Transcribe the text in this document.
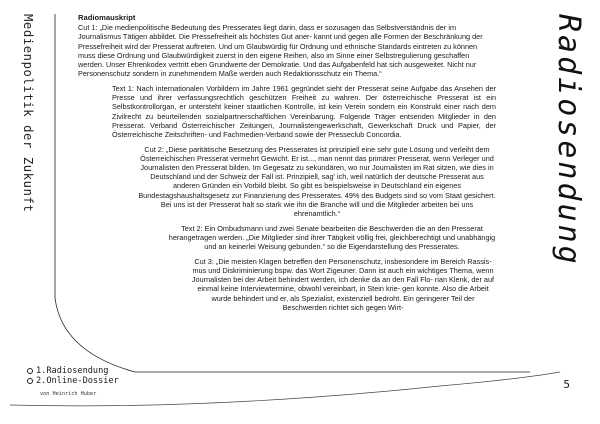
Medienpolitik der Zukunft	Radiosendung
Radiomauskript

Cut 1: „Die medienpolitische Bedeutung des Presserates liegt darin, dass er sozusagen das Selbstverständnis der im Journalismus Tätigen abbildet. Die Pressefreiheit als höchstes Gut aner- kannt und gegen alle Formen der Beschränkung der Pressefreiheit wird der Presserat auftreten. Und um Glaubwürdig für Ordnung und ethnische Standards eintreten zu können muss diese Ordnung und Glaubwürdigkeit zuerst in den eigene Reihen, also im Sinne einer Selbstregulierung geschaffen werden. Unser Ehrenkodex vertritt eben Grundwerte der Demokratie. Und das Aufgabenfeld hat sich ausgeweitet. Nicht nur Personenschutz sondern in zunehmendem Maße werden auch Redaktionsschutz ein Thema.“

Text 1: Nach internationalen Vorbildern im Jahre 1961 gegründet sieht der Presserat seine Aufgabe das Ansehen der Presse und ihrer verfassungsrechtlich geschützen Freiheit zu wahren. Der österreichische Presserat ist ein Selbstkontrollorgan, er untersteht keiner staatlichen Kontrolle, ist kein Verein sondern ein Konstrukt einer nach dem Zivilrecht zu beurteilenden sozialpartnerschaftlichen Vereinbarung. Folgende Träger entsenden Mitglieder in den Presserat. Verband Österreichischer Zeitungen, Journalistengewerkschaft, Gewerkschaft Druck und Papier, der Österreichische Zeitschriften- und Fachmedien-Verband sowie der Presseclub Concordia.

Cut 2: „Diese paritätische Besetzung des Presserates ist prinzipiell eine sehr gute Lösung und verleiht dem Österreichischen Presserat vermehrt Gewicht. Er ist..., man nennt das primärer Presserat, wenn Verleger und Journalisten den Presserat bilden. Im Gegesatz zu sekundären, wo nur Journalisten im Rat sitzen, wie dies in Deutschland und der Schweiz der Fall ist. Prinzipiell, sag' ich, weil natürlich der deutsche Presserat aus anderen Gründen ein Vorbild bleibt. So gibt es beispielsweise in Deutschland ein eigenes Bundestagshaushaltsgesetz zur Finanzierung des Presserates. 49% des Budgets sind so vom Staat gesichert. Bei uns ist der Presserat halt so stark wie ihn die Branche will und die Mitglieder arbeiten bei uns ehrenamtlich.“

Text 2: Ein Ombudsmann und zwei Senate bearbeiten die Beschwerden die an den Presserat herangetragen werden. „Die Mitglieder sind ihrer Tätigkeit völlig frei, gleichberechtigt und unabhängig und an keinerlei Weisung gebunden.“ so die Eigendarstellung des Presserates.

Cut 3: „Die meisten Klagen betreffen den Personenschutz, insbesondere im Bereich Rassis- mus und Diskriminierung bspw. das Wort Zigeuner. Dann ist auch ein wichtiges Thema, wenn Journalisten bei der Arbeit behindert werden, ich denke da an den Fall Flo- rian Klenk, der auf einmal keine Interviewtermine, obwohl vereinbart, in Stein krie- gen konnte. Also die Arbeit wurde behindert und er, als Spezialist, existenziell bedroht. Ein geringerer Teil der Beschwerden richtet sich gegen Wirt-

1.Radiosendung
2.Online-Dossier
von Heinrich Huber
5
